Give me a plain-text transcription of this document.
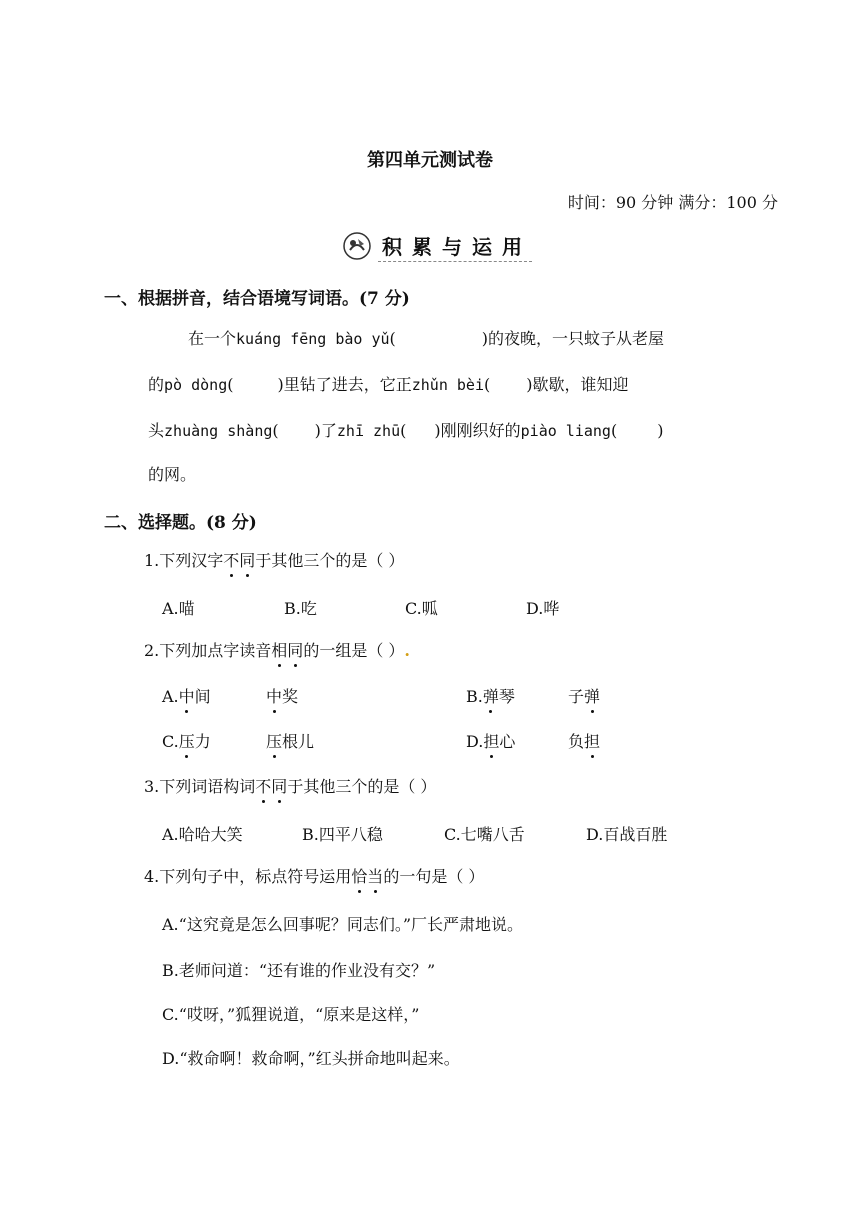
第四单元测试卷
时间：90 分钟 满分：100 分
积累与运用
一、根据拼音，结合语境写词语。(7 分)
在一个kuáng fēng bào yǔ(	)的夜晚，一只蚊子从老屋
的pò dòng(	)里钻了进去，它正zhǔn bèi( )歇歇，谁知迎
头zhuàng shàng( )了zhī zhū( )刚刚织好的piào liang(	)
的网。
二、选择题。(8 分)
1.下列汉字不同于其他三个的是（ ）
A.喵	B.吃	C.呱	D.哗
2.下列加点字读音相同的一组是（ ）.
A.中间	中奖	B.弹琴	子弹
C.压力	压根儿	D.担心	负担
3.下列词语构词不同于其他三个的是（ ）
A.哈哈大笑	B.四平八稳	C.七嘴八舌	D.百战百胜
4.下列句子中，标点符号运用恰当的一句是（ ）
A.“这究竟是怎么回事呢？同志们。”厂长严肃地说。
B.老师问道：“还有谁的作业没有交？”
C.“哎呀，”狐狸说道，“原来是这样，”
D.“救命啊！救命啊，”红头拼命地叫起来。
